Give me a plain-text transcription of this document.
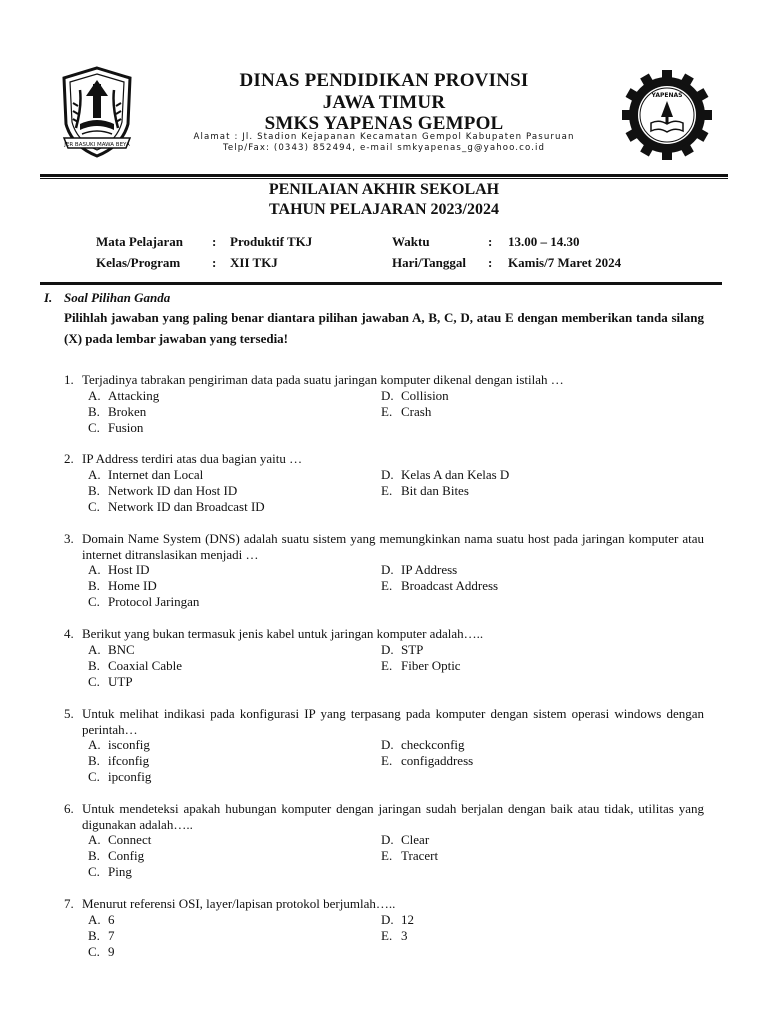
JER BASUKI MAWA BEYA
YAPENAS
DINAS PENDIDIKAN PROVINSI
JAWA TIMUR
SMKS YAPENAS GEMPOL
Alamat : Jl. Stadion Kejapanan Kecamatan Gempol Kabupaten Pasuruan
Telp/Fax: (0343) 852494, e-mail smkyapenas_g@yahoo.co.id
PENILAIAN AKHIR SEKOLAH
TAHUN PELAJARAN 2023/2024
Mata Pelajaran : Produktif TKJ	Waktu	: 13.00 – 14.30
Kelas/Program : XII TKJ	Hari/Tanggal : Kamis/7 Maret 2024
I. Soal Pilihan Ganda
Pilihlah jawaban yang paling benar diantara pilihan jawaban A, B, C, D, atau E dengan memberikan tanda silang (X) pada lembar jawaban yang tersedia!
1. Terjadinya tabrakan pengiriman data pada suatu jaringan komputer dikenal dengan istilah …
A. Attacking
B. Broken
C. Fusion
D. Collision
E. Crash
2. IP Address terdiri atas dua bagian yaitu …
A. Internet dan Local
B. Network ID dan Host ID
C. Network ID dan Broadcast ID
D. Kelas A dan Kelas D
E. Bit dan Bites
3. Domain Name System (DNS) adalah suatu sistem yang memungkinkan nama suatu host pada jaringan komputer atau internet ditranslasikan menjadi …
A. Host ID
B. Home ID
C. Protocol Jaringan
D. IP Address
E. Broadcast Address
4. Berikut yang bukan termasuk jenis kabel untuk jaringan komputer adalah…..
A. BNC
B. Coaxial Cable
C. UTP
D. STP
E. Fiber Optic
5. Untuk melihat indikasi pada konfigurasi IP yang terpasang pada komputer dengan sistem operasi windows dengan perintah…
A. isconfig
B. ifconfig
C. ipconfig
D. checkconfig
E. configaddress
6. Untuk mendeteksi apakah hubungan komputer dengan jaringan sudah berjalan dengan baik atau tidak, utilitas yang digunakan adalah…..
A. Connect
B. Config
C. Ping
D. Clear
E. Tracert
7. Menurut referensi OSI, layer/lapisan protokol berjumlah…..
A. 6
B. 7
C. 9
D. 12
E. 3
